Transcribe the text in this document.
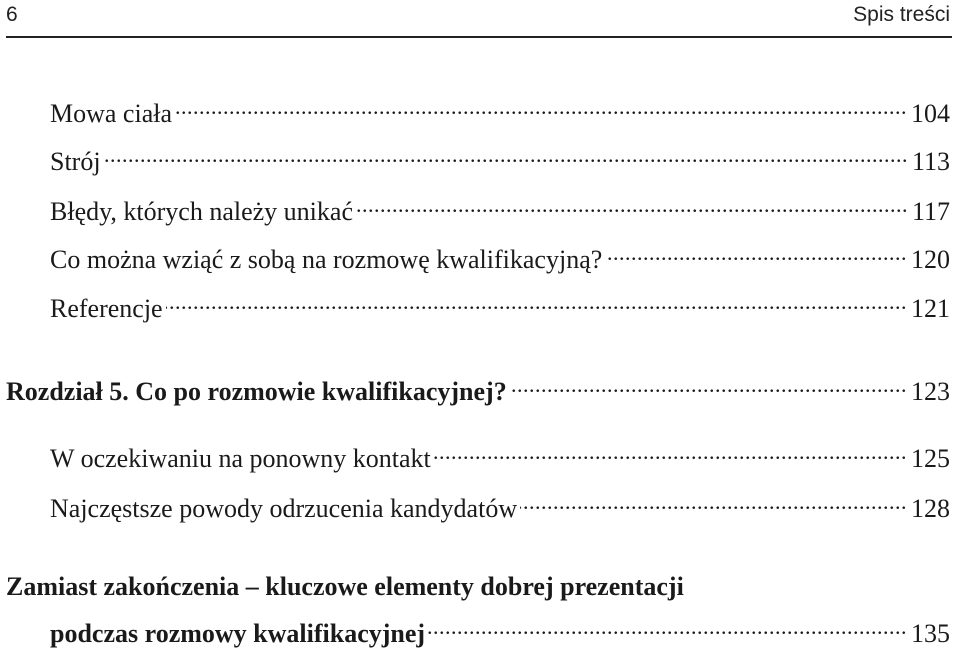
6	Spis treści
Mowa ciała .....	104
Strój .....	113
Błędy, których należy unikać .....	117
Co można wziąć z sobą na rozmowę kwalifikacyjną? .....	120
Referencje .....	121
Rozdział 5. Co po rozmowie kwalifikacyjnej? .....	123
W oczekiwaniu na ponowny kontakt .....	125
Najczęstsze powody odrzucenia kandydatów .....	128
Zamiast zakończenia – kluczowe elementy dobrej prezentacji
podczas rozmowy kwalifikacyjnej .....	135
